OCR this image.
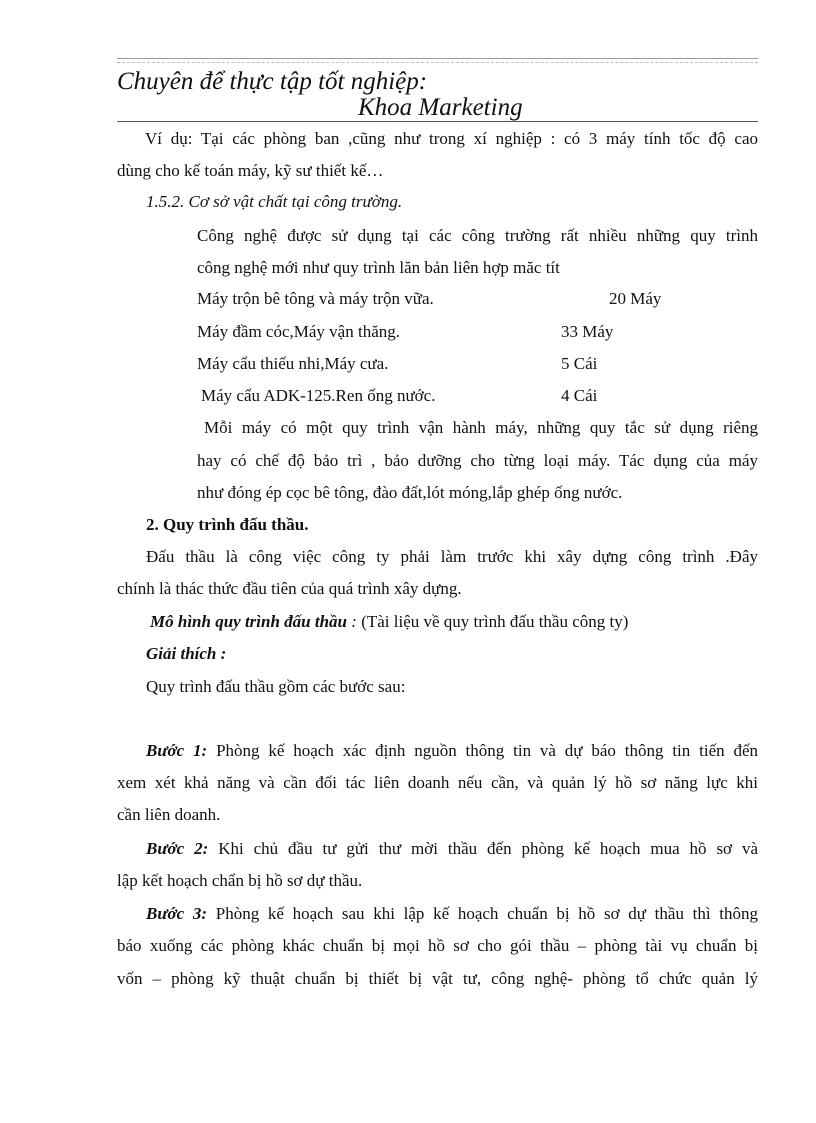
Chuyên để thực tập tốt nghiệp:
Khoa Marketing
Ví dụ: Tại các phòng ban ,cũng như trong xí nghiệp : có 3 máy tính tốc độ cao
dùng cho kế toán máy, kỹ sư thiết kế…
1.5.2. Cơ sở vật chất tại công trường.
Công nghệ được sử dụng tại các công trường rất nhiều những quy trình
công nghệ mới như quy trình lăn bản liên hợp măc tít
Máy trộn bê tông và máy trộn vữa.	20 Máy
Máy đầm cóc,Máy vận thăng.	33 Máy
Máy cẩu thiếu nhi,Máy cưa.	5 Cái
Máy cẩu ADK-125.Ren ống nước.	4 Cái
Mỗi máy có một quy trình vận hành máy, những quy tắc sử dụng riêng
hay có chế độ bảo trì , bảo dưỡng cho từng loại máy. Tác dụng của máy
như đóng ép cọc bê tông, đào đất,lót móng,lắp ghép ống nước.
2. Quy trình đấu thầu.
Đấu thầu là công việc công ty phải làm trước khi xây dựng công trình .Đây
chính là thác thức đầu tiên của quá trình xây dựng.
Mô hình quy trình đấu thầu : (Tài liệu về quy trình đấu thầu công ty)
Giải thích :
Quy trình đấu thầu gồm các bước sau:
Bước 1: Phòng kế hoạch xác định nguồn thông tin và dự báo thông tin tiến đến
xem xét khả năng và cần đối tác liên doanh nếu cần, và quản lý hồ sơ năng lực khi
cần liên doanh.
Bước 2: Khi chủ đầu tư gửi thư mời thầu đến phòng kế hoạch mua hồ sơ và
lập kết hoạch chẩn bị hồ sơ dự thầu.
Bước 3: Phòng kế hoạch sau khi lập kế hoạch chuẩn bị hồ sơ dự thầu thì thông
báo xuống các phòng khác chuẩn bị mọi hồ sơ cho gói thầu – phòng tài vụ chuẩn bị
vốn – phòng kỹ thuật chuẩn bị thiết bị vật tư, công nghệ- phòng tổ chức quản lý
